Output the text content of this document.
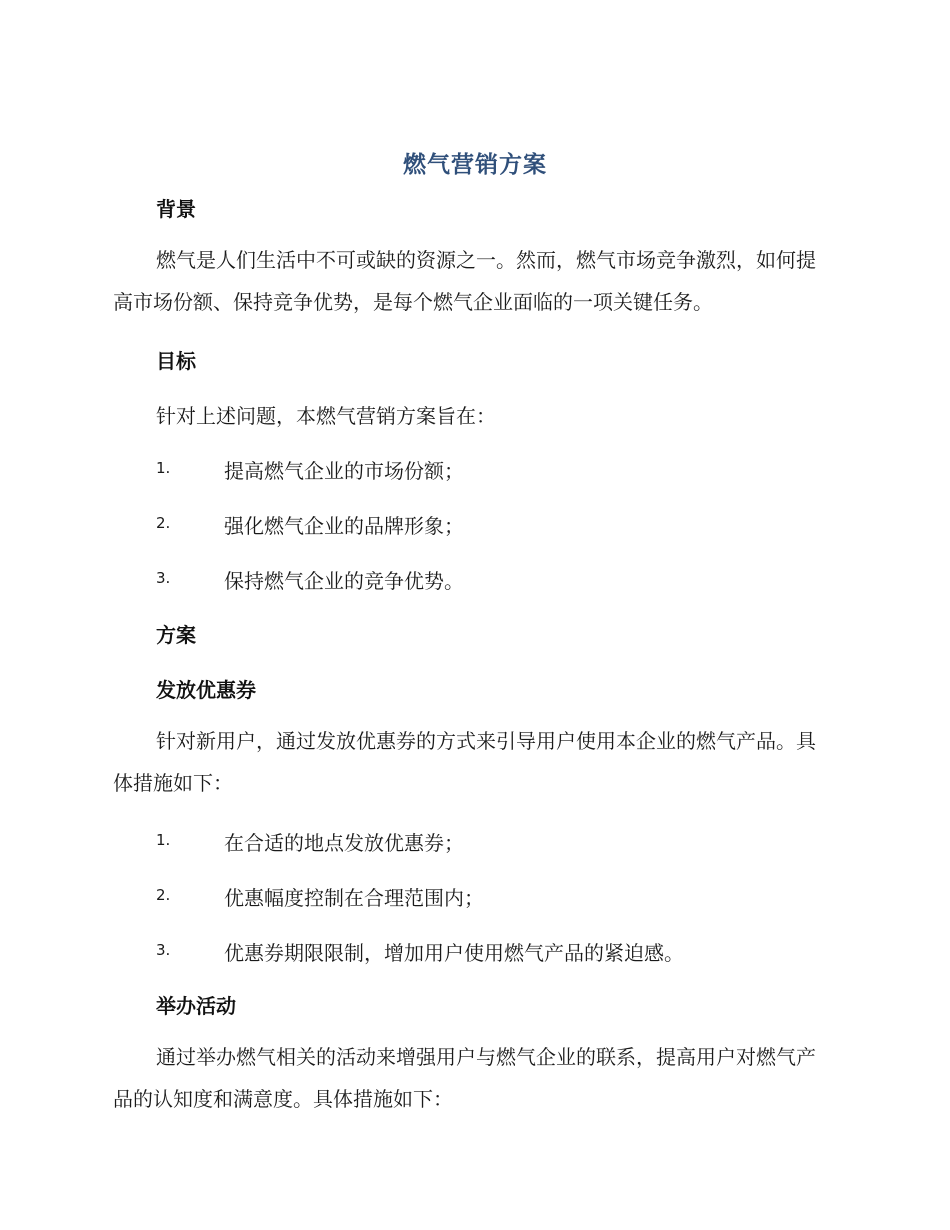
燃气营销方案
背景
燃气是人们生活中不可或缺的资源之一。然而，燃气市场竞争激烈，如何提高市场份额、保持竞争优势，是每个燃气企业面临的一项关键任务。
目标
针对上述问题，本燃气营销方案旨在：
1.	提高燃气企业的市场份额；
2.	强化燃气企业的品牌形象；
3.	保持燃气企业的竞争优势。
方案
发放优惠券
针对新用户，通过发放优惠券的方式来引导用户使用本企业的燃气产品。具体措施如下：
1.	在合适的地点发放优惠券；
2.	优惠幅度控制在合理范围内；
3.	优惠券期限限制，增加用户使用燃气产品的紧迫感。
举办活动
通过举办燃气相关的活动来增强用户与燃气企业的联系，提高用户对燃气产品的认知度和满意度。具体措施如下：
